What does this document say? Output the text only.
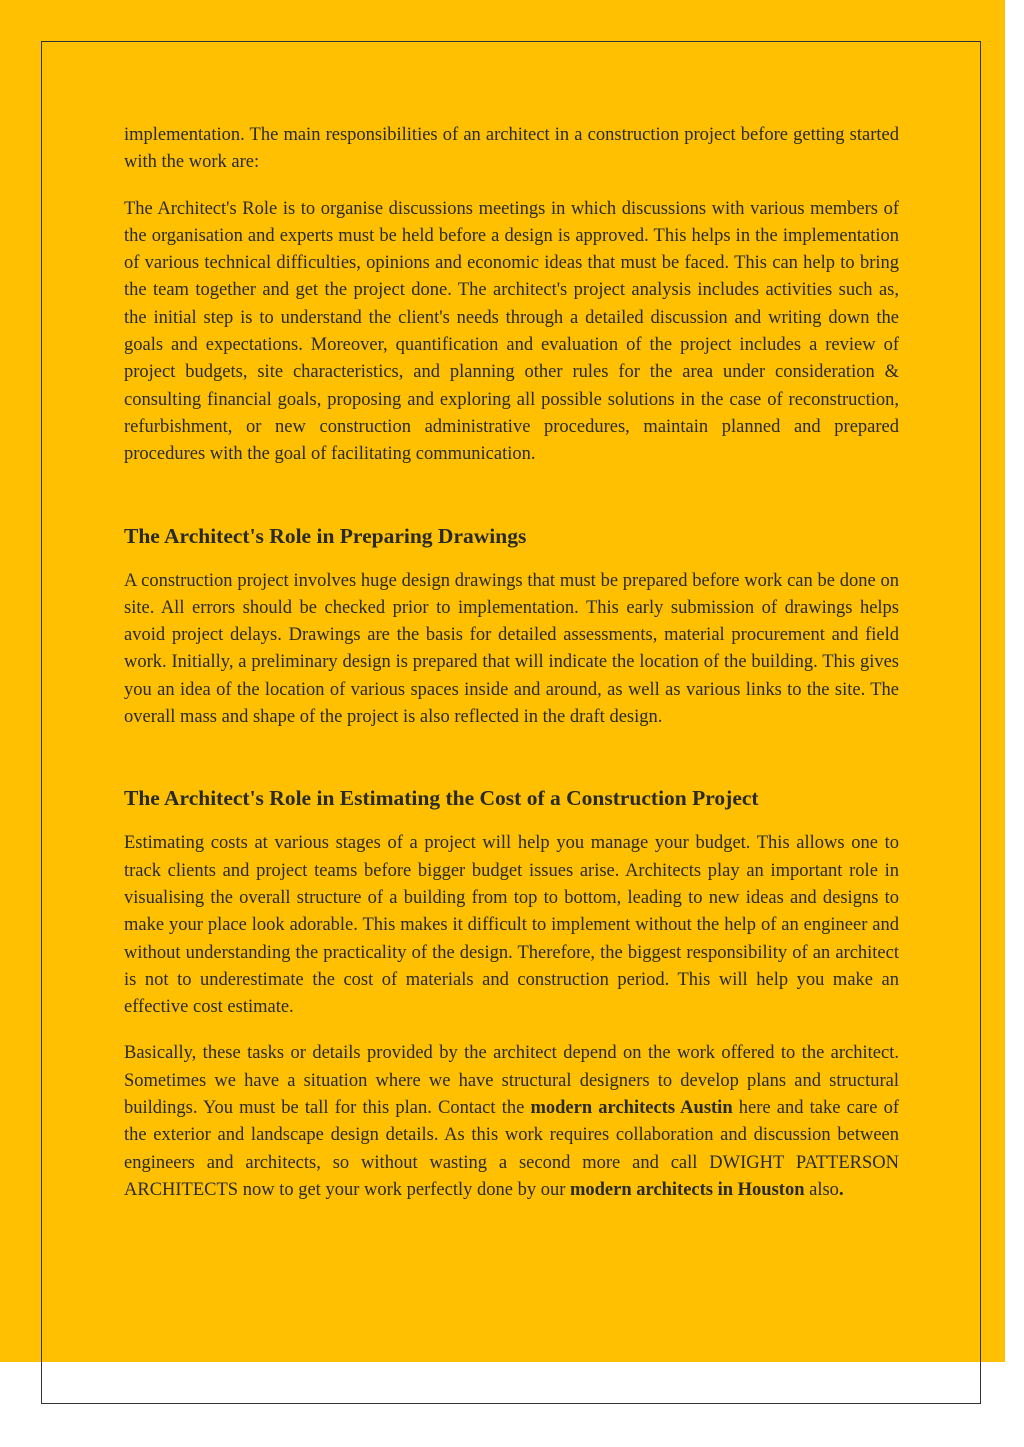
implementation. The main responsibilities of an architect in a construction project before getting started with the work are:

The Architect's Role is to organise discussions meetings in which discussions with various members of the organisation and experts must be held before a design is approved. This helps in the implementation of various technical difficulties, opinions and economic ideas that must be faced. This can help to bring the team together and get the project done. The architect's project analysis includes activities such as, the initial step is to understand the client's needs through a detailed discussion and writing down the goals and expectations. Moreover, quantification and evaluation of the project includes a review of project budgets, site characteristics, and planning other rules for the area under consideration & consulting financial goals, proposing and exploring all possible solutions in the case of reconstruction, refurbishment, or new construction administrative procedures, maintain planned and prepared procedures with the goal of facilitating communication.

The Architect's Role in Preparing Drawings

A construction project involves huge design drawings that must be prepared before work can be done on site. All errors should be checked prior to implementation. This early submission of drawings helps avoid project delays. Drawings are the basis for detailed assessments, material procurement and field work. Initially, a preliminary design is prepared that will indicate the location of the building. This gives you an idea of the location of various spaces inside and around, as well as various links to the site. The overall mass and shape of the project is also reflected in the draft design.

The Architect's Role in Estimating the Cost of a Construction Project

Estimating costs at various stages of a project will help you manage your budget. This allows one to track clients and project teams before bigger budget issues arise. Architects play an important role in visualising the overall structure of a building from top to bottom, leading to new ideas and designs to make your place look adorable. This makes it difficult to implement without the help of an engineer and without understanding the practicality of the design. Therefore, the biggest responsibility of an architect is not to underestimate the cost of materials and construction period. This will help you make an effective cost estimate.

Basically, these tasks or details provided by the architect depend on the work offered to the architect. Sometimes we have a situation where we have structural designers to develop plans and structural buildings. You must be tall for this plan. Contact the modern architects Austin here and take care of the exterior and landscape design details. As this work requires collaboration and discussion between engineers and architects, so without wasting a second more and call DWIGHT PATTERSON ARCHITECTS now to get your work perfectly done by our modern architects in Houston also.
